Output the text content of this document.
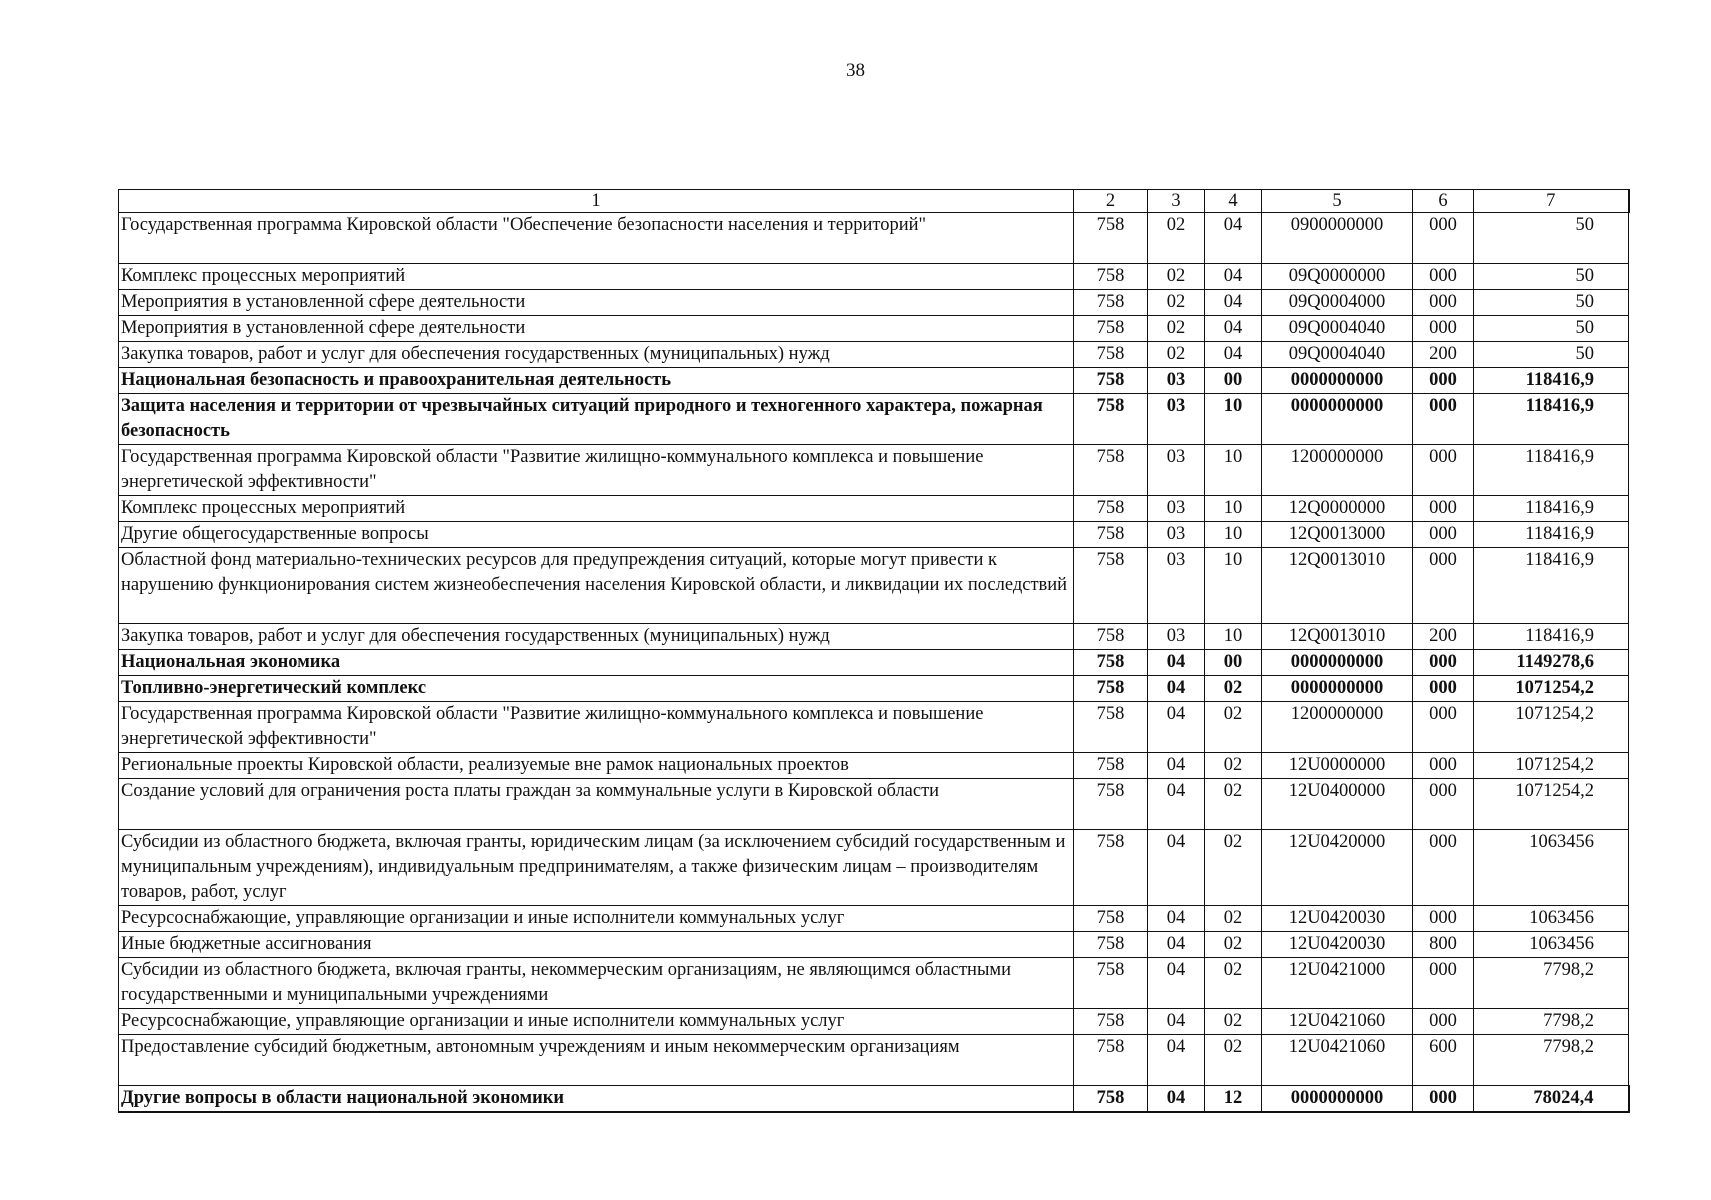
38
1	2	3	4	5	6	7
Государственная программа Кировской области "Обеспечение безопасности населения и территорий"	758	02	04	0900000000	000	50
Комплекс процессных мероприятий	758	02	04	09Q0000000	000	50
Мероприятия в установленной сфере деятельности	758	02	04	09Q0004000	000	50
Мероприятия в установленной сфере деятельности	758	02	04	09Q0004040	000	50
Закупка товаров, работ и услуг для обеспечения государственных (муниципальных) нужд	758	02	04	09Q0004040	200	50
Национальная безопасность и правоохранительная деятельность	758	03	00	0000000000	000	118416,9
Защита населения и территории от чрезвычайных ситуаций природного и техногенного характера, пожарная безопасность	758	03	10	0000000000	000	118416,9
Государственная программа Кировской области "Развитие жилищно-коммунального комплекса и повышение энергетической эффективности"	758	03	10	1200000000	000	118416,9
Комплекс процессных мероприятий	758	03	10	12Q0000000	000	118416,9
Другие общегосударственные вопросы	758	03	10	12Q0013000	000	118416,9
Областной фонд материально-технических ресурсов для предупреждения ситуаций, которые могут привести к нарушению функционирования систем жизнеобеспечения населения Кировской области, и ликвидации их последствий	758	03	10	12Q0013010	000	118416,9
Закупка товаров, работ и услуг для обеспечения государственных (муниципальных) нужд	758	03	10	12Q0013010	200	118416,9
Национальная экономика	758	04	00	0000000000	000	1149278,6
Топливно-энергетический комплекс	758	04	02	0000000000	000	1071254,2
Государственная программа Кировской области "Развитие жилищно-коммунального комплекса и повышение энергетической эффективности"	758	04	02	1200000000	000	1071254,2
Региональные проекты Кировской области, реализуемые вне рамок национальных проектов	758	04	02	12U0000000	000	1071254,2
Создание условий для ограничения роста платы граждан за коммунальные услуги в Кировской области	758	04	02	12U0400000	000	1071254,2
Субсидии из областного бюджета, включая гранты, юридическим лицам (за исключением субсидий государственным и муниципальным учреждениям), индивидуальным предпринимателям, а также физическим лицам – производителям товаров, работ, услуг	758	04	02	12U0420000	000	1063456
Ресурсоснабжающие, управляющие организации и иные исполнители коммунальных услуг	758	04	02	12U0420030	000	1063456
Иные бюджетные ассигнования	758	04	02	12U0420030	800	1063456
Субсидии из областного бюджета, включая гранты, некоммерческим организациям, не являющимся областными государственными и муниципальными учреждениями	758	04	02	12U0421000	000	7798,2
Ресурсоснабжающие, управляющие организации и иные исполнители коммунальных услуг	758	04	02	12U0421060	000	7798,2
Предоставление субсидий бюджетным, автономным учреждениям и иным некоммерческим организациям	758	04	02	12U0421060	600	7798,2
Другие вопросы в области национальной экономики	758	04	12	0000000000	000	78024,4
